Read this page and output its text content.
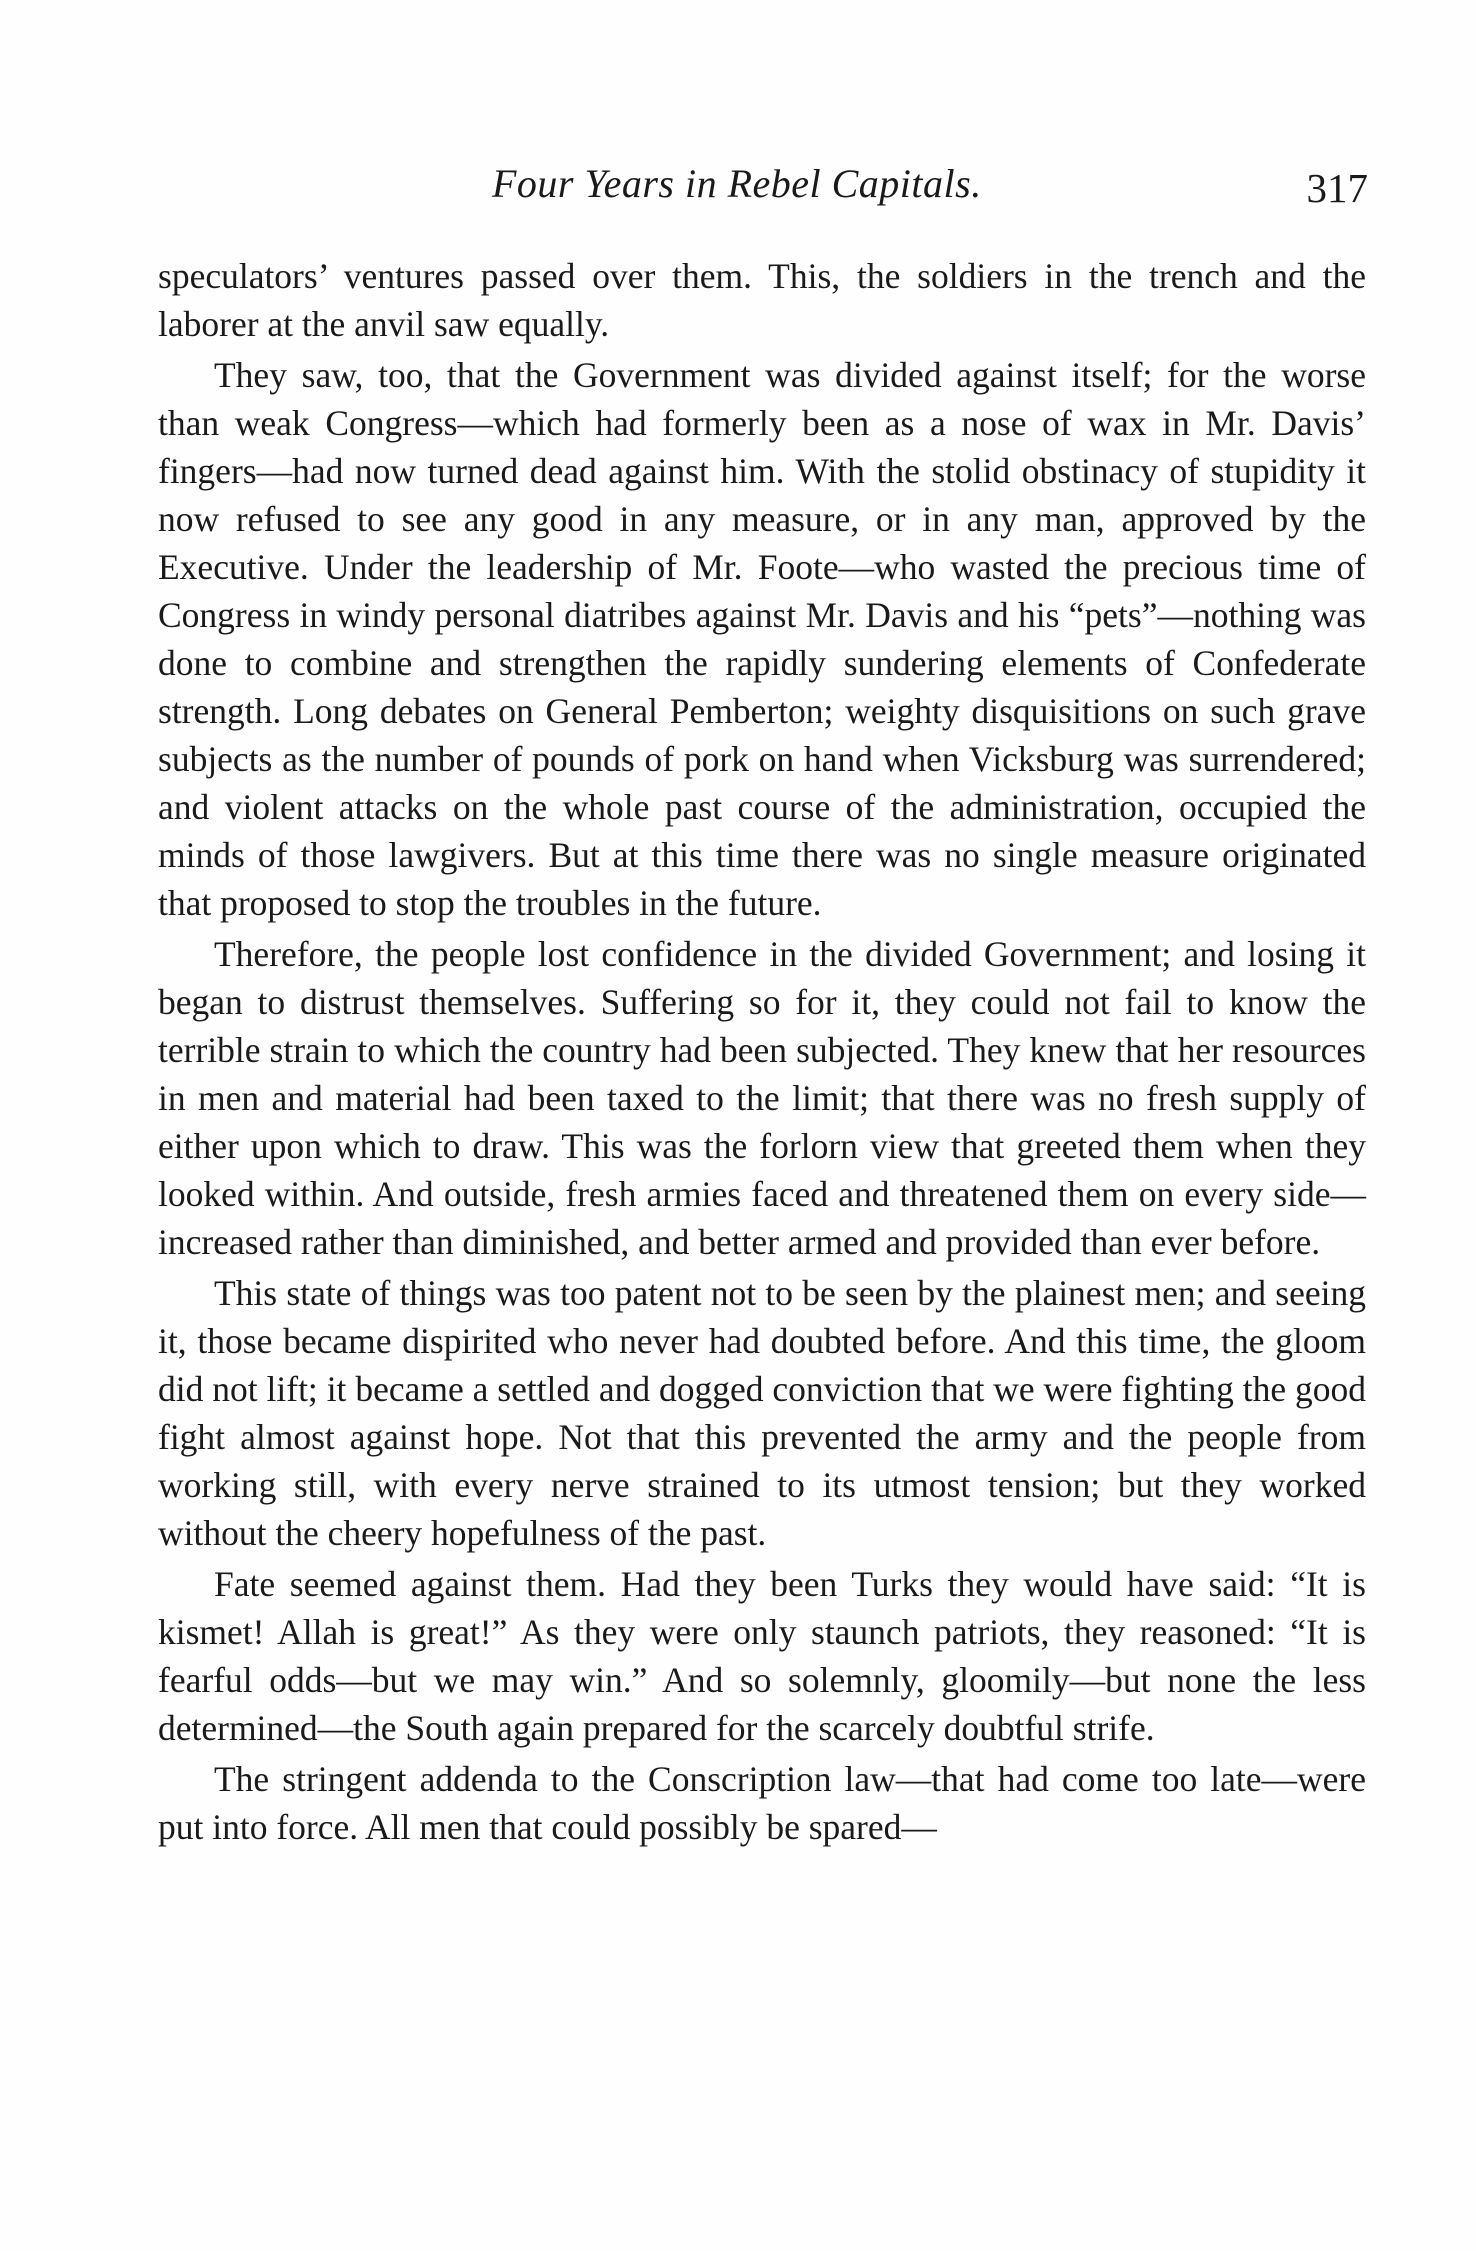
Four Years in Rebel Capitals.	317

speculators’ ventures passed over them. This, the soldiers in the trench and the laborer at the anvil saw equally.

They saw, too, that the Government was divided against itself; for the worse than weak Congress—which had formerly been as a nose of wax in Mr. Davis’ fingers—had now turned dead against him. With the stolid obstinacy of stupidity it now refused to see any good in any measure, or in any man, approved by the Executive. Under the leadership of Mr. Foote—who wasted the precious time of Congress in windy personal diatribes against Mr. Davis and his “pets”—nothing was done to combine and strengthen the rapidly sundering elements of Confederate strength. Long debates on General Pemberton; weighty disquisitions on such grave subjects as the number of pounds of pork on hand when Vicksburg was surrendered; and violent attacks on the whole past course of the administration, occupied the minds of those lawgivers. But at this time there was no single measure originated that proposed to stop the troubles in the future.

Therefore, the people lost confidence in the divided Government; and losing it began to distrust themselves. Suffering so for it, they could not fail to know the terrible strain to which the country had been subjected. They knew that her resources in men and material had been taxed to the limit; that there was no fresh supply of either upon which to draw. This was the forlorn view that greeted them when they looked within. And outside, fresh armies faced and threatened them on every side—increased rather than diminished, and better armed and provided than ever before.

This state of things was too patent not to be seen by the plainest men; and seeing it, those became dispirited who never had doubted before. And this time, the gloom did not lift; it became a settled and dogged conviction that we were fighting the good fight almost against hope. Not that this prevented the army and the people from working still, with every nerve strained to its utmost tension; but they worked without the cheery hopefulness of the past.

Fate seemed against them. Had they been Turks they would have said: “It is kismet! Allah is great!” As they were only staunch patriots, they reasoned: “It is fearful odds—but we may win.” And so solemnly, gloomily—but none the less determined—the South again prepared for the scarcely doubtful strife.

The stringent addenda to the Conscription law—that had come too late—were put into force. All men that could possibly be spared—
